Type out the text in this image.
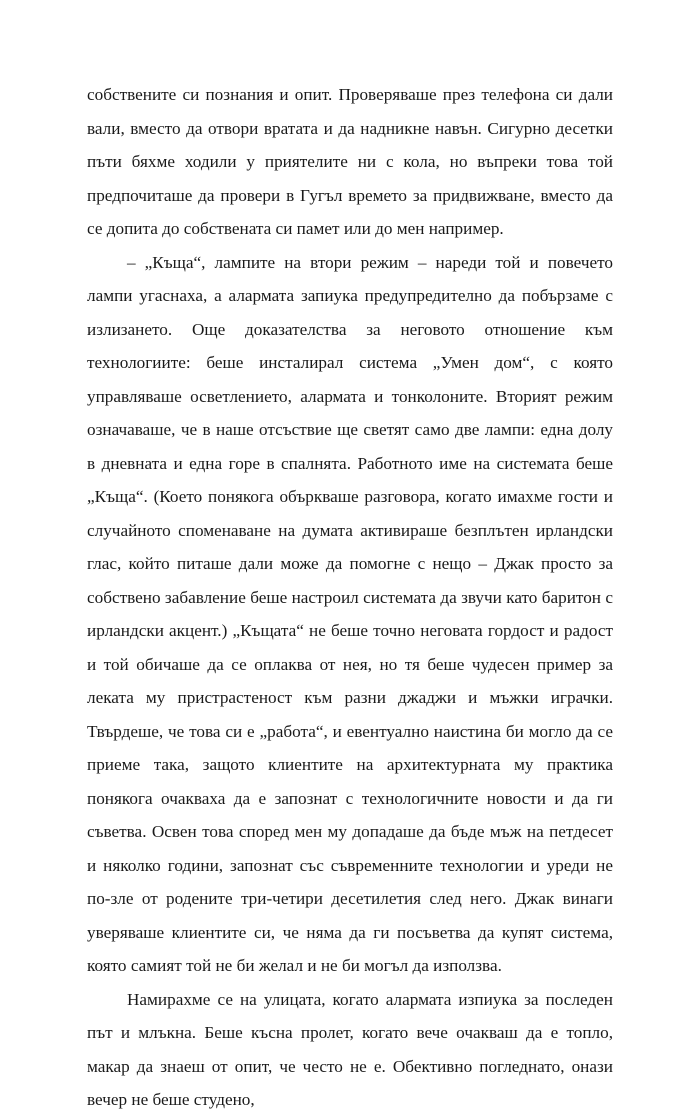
собствените си познания и опит. Проверяваше през телефона си дали вали, вместо да отвори вратата и да надникне навън. Сигурно десетки пъти бяхме ходили у приятелите ни с кола, но въпреки това той предпочиташе да провери в Гугъл времето за придвижване, вместо да се допита до собствената си памет или до мен например.

– „Къща“, лампите на втори режим – нареди той и повечето лампи угаснаха, а алармата запиука предупредително да побързаме с излизането. Още доказателства за неговото отношение към технологиите: беше инсталирал система „Умен дом“, с която управляваше осветлението, алармата и тонколоните. Вторият режим означаваше, че в наше отсъствие ще светят само две лампи: една долу в дневната и една горе в спалнята. Работното име на системата беше „Къща“. (Което понякога объркваше разговора, когато имахме гости и случайното споменаване на думата активираше безплътен ирландски глас, който питаше дали може да помогне с нещо – Джак просто за собствено забавление беше настроил системата да звучи като баритон с ирландски акцент.) „Къщата“ не беше точно неговата гордост и радост и той обичаше да се оплаква от нея, но тя беше чудесен пример за леката му пристрастеност към разни джаджи и мъжки играчки. Твърдеше, че това си е „работа“, и евентуално наистина би могло да се приеме така, защото клиентите на архитектурната му практика понякога очакваха да е запознат с технологичните новости и да ги съветва. Освен това според мен му допадаше да бъде мъж на петдесет и няколко години, запознат със съвременните технологии и уреди не по-зле от родените три-четири десетилетия след него. Джак винаги уверяваше клиентите си, че няма да ги посъветва да купят система, която самият той не би желал и не би могъл да използва.

Намирахме се на улицата, когато алармата изпиука за последен път и млъкна. Беше късна пролет, когато вече очакваш да е топло, макар да знаеш от опит, че често не е. Обективно погледнато, онази вечер не беше студено,
